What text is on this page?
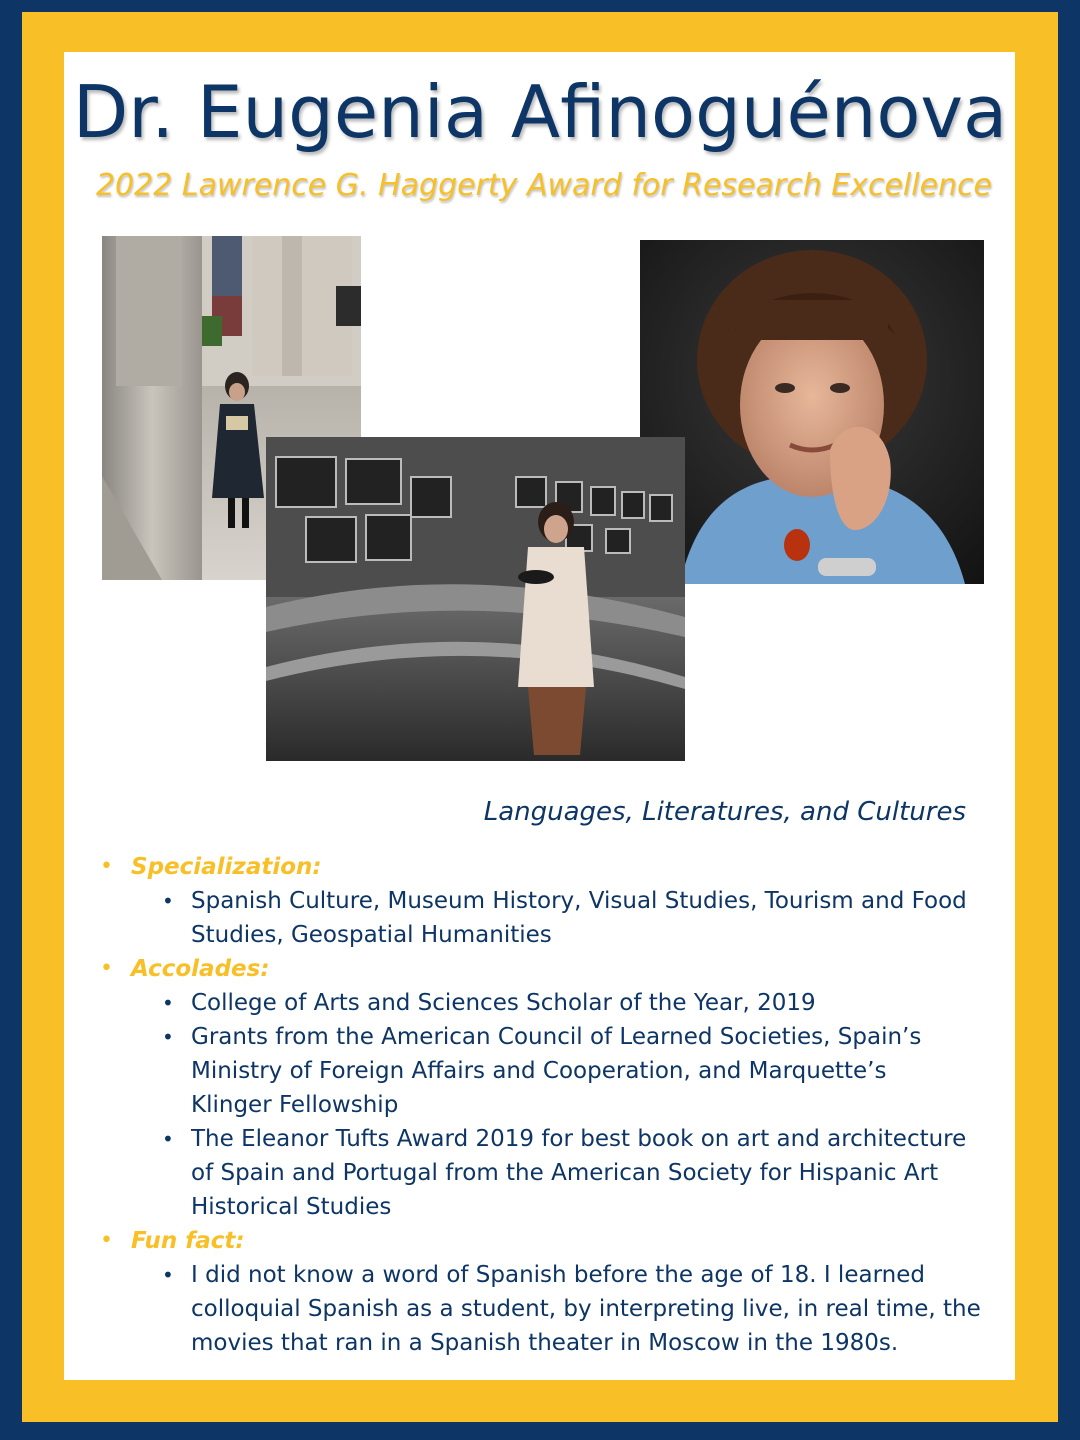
Dr. Eugenia Afinoguénova
2022 Lawrence G. Haggerty Award for Research Excellence
Languages, Literatures, and Cultures
• Specialization:
• Spanish Culture, Museum History, Visual Studies, Tourism and Food
Studies, Geospatial Humanities
• Accolades:
• College of Arts and Sciences Scholar of the Year, 2019
• Grants from the American Council of Learned Societies, Spain’s
Ministry of Foreign Affairs and Cooperation, and Marquette’s
Klinger Fellowship
• The Eleanor Tufts Award 2019 for best book on art and architecture
of Spain and Portugal from the American Society for Hispanic Art
Historical Studies
• Fun fact:
• I did not know a word of Spanish before the age of 18. I learned
colloquial Spanish as a student, by interpreting live, in real time, the
movies that ran in a Spanish theater in Moscow in the 1980s.
